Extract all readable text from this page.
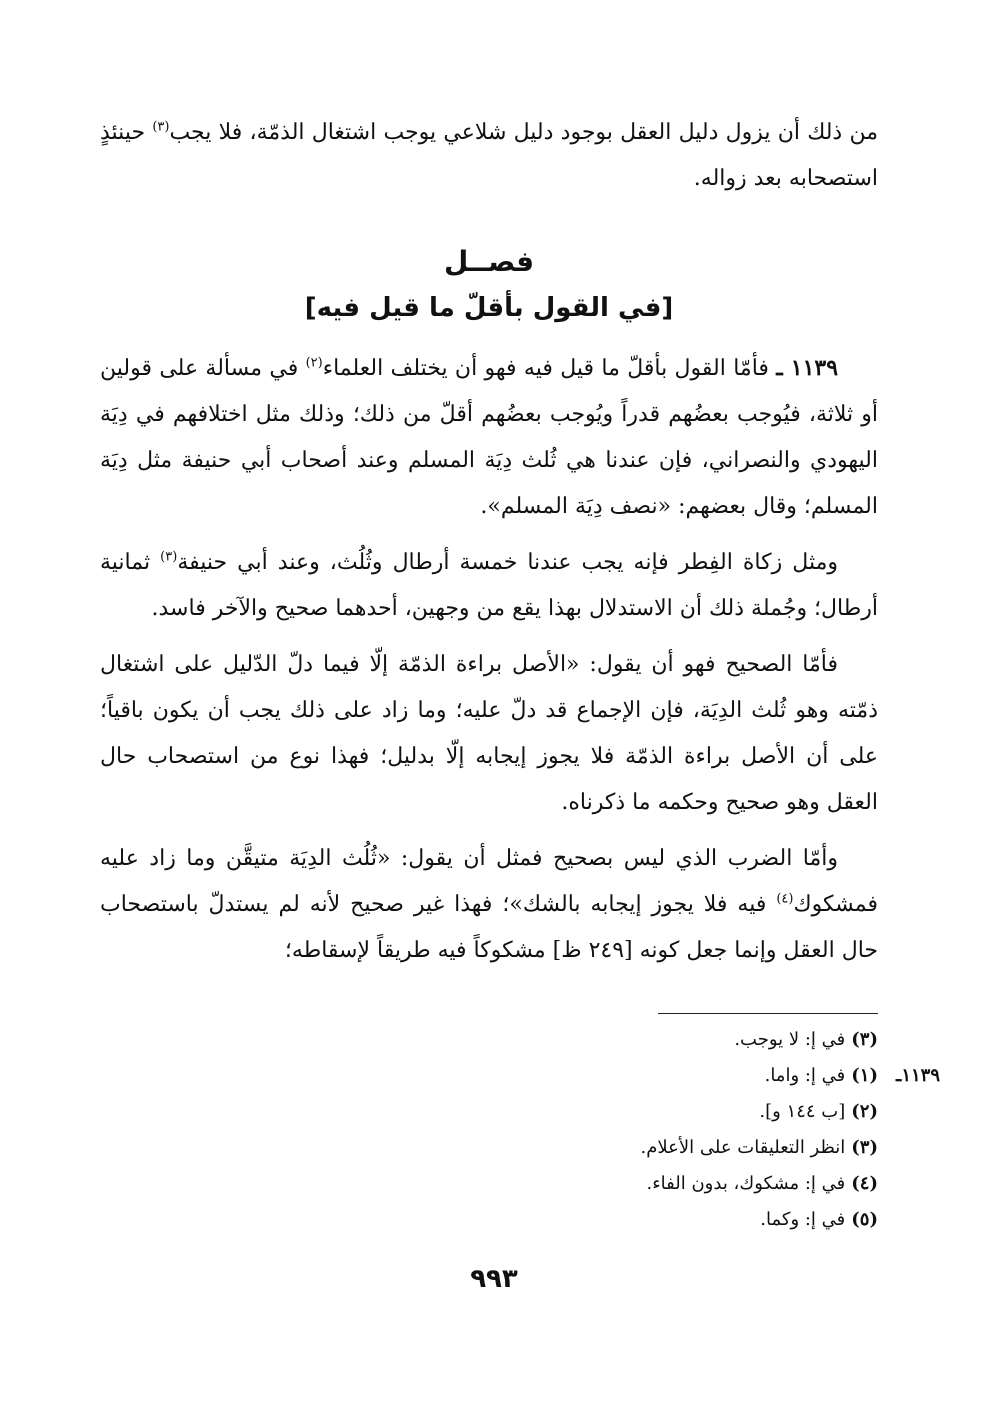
من ذلك أن يزول دليل العقل بوجود دليل شلاعي يوجب اشتغال الذمّة، فلا يجب$^{(٣)}$ حينئذٍ استصحابه بعد زواله.

فصــل
[في القول بأقلّ ما قيل فيه]

١١٣٩ ـ فأمّا القول بأقلّ ما قيل فيه فهو أن يختلف العلماء$^{(٢)}$ في مسألة على قولين أو ثلاثة، فيُوجب بعضُهم قدراً ويُوجب بعضُهم أقلّ من ذلك؛ وذلك مثل اختلافهم في دِيَة اليهودي والنصراني، فإن عندنا هي ثُلث دِيَة المسلم وعند أصحاب أبي حنيفة مثل دِيَة المسلم؛ وقال بعضهم: «نصف دِيَة المسلم».

ومثل زكاة الفِطر فإنه يجب عندنا خمسة أرطال وثُلُث، وعند أبي حنيفة$^{(٣)}$ ثمانية أرطال؛ وجُملة ذلك أن الاستدلال بهذا يقع من وجهين، أحدهما صحيح والآخر فاسد.

فأمّا الصحيح فهو أن يقول: «الأصل براءة الذمّة إلّا فيما دلّ الدّليل على اشتغال ذمّته وهو ثُلث الدِيَة، فإن الإجماع قد دلّ عليه؛ وما زاد على ذلك يجب أن يكون باقياً؛ على أن الأصل براءة الذمّة فلا يجوز إيجابه إلّا بدليل؛ فهذا نوع من استصحاب حال العقل وهو صحيح وحكمه ما ذكرناه.

وأمّا الضرب الذي ليس بصحيح فمثل أن يقول: «ثُلُث الدِيَة متيقَّن وما زاد عليه فمشكوك$^{(٤)}$ فيه فلا يجوز إيجابه بالشك»؛ فهذا غير صحيح لأنه لم يستدلّ باستصحاب حال العقل وإنما جعل كونه [٢٤٩ ظ] مشكوكاً فيه طريقاً لإسقاطه؛

(٣)
في إ: لا يوجب.
١١٣٩ـ
(١)
في إ: واما.
(٢)
[ب ١٤٤ و].
(٣)
انظر التعليقات على الأعلام.
(٤)
في إ: مشكوك، بدون الفاء.
(٥)
في إ: وكما.
٩٩٣
